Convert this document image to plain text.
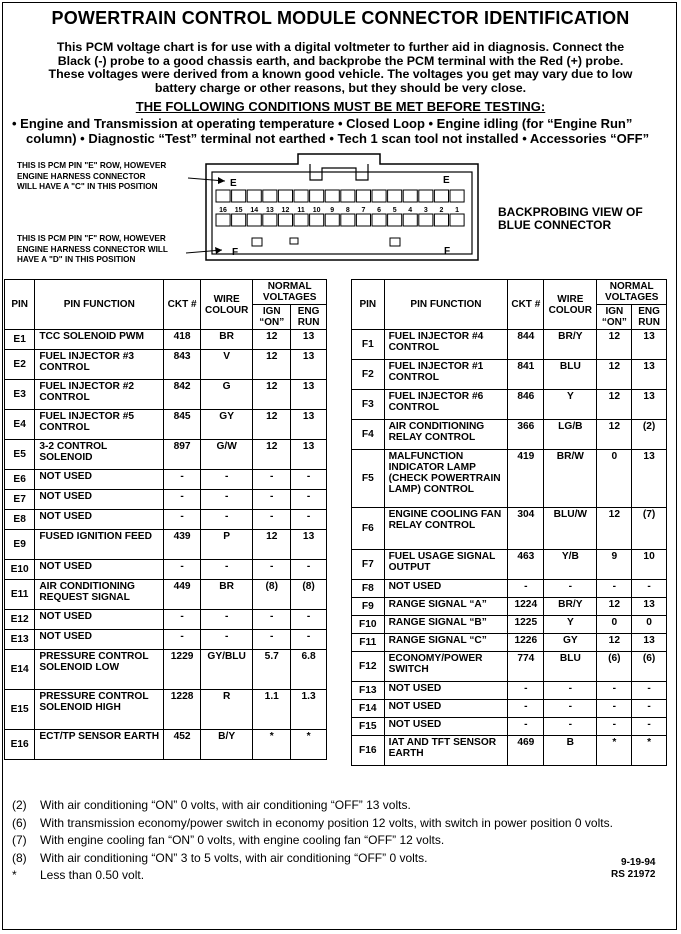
POWERTRAIN CONTROL MODULE CONNECTOR IDENTIFICATION
This PCM voltage chart is for use with a digital voltmeter to further aid in diagnosis. Connect the
Black (-) probe to a good chassis earth, and backprobe the PCM terminal with the Red (+) probe.
These voltages were derived from a known good vehicle. The voltages you get may vary due to low
battery charge or other reasons, but they should be very close.
THE FOLLOWING CONDITIONS MUST BE MET BEFORE TESTING:
• Engine and Transmission at operating temperature • Closed Loop • Engine idling (for “Engine Run”
column) • Diagnostic “Test” terminal not earthed • Tech 1 scan tool not installed • Accessories “OFF”
THIS IS PCM PIN "E" ROW, HOWEVER
ENGINE HARNESS CONNECTOR
WILL HAVE A "C" IN THIS POSITION
THIS IS PCM PIN "F" ROW, HOWEVER
ENGINE HARNESS CONNECTOR WILL
HAVE A "D" IN THIS POSITION
E	E
F	F
16 15 14 13 12 11 10 9 8 7 6 5 4 3 2 1	BACKPROBING VIEW OF
BLUE CONNECTOR
PIN	PIN FUNCTION	CKT #	WIRE COLOUR	NORMAL VOLTAGES	
				IGN “ON”	ENG RUN
E1	TCC SOLENOID PWM	418	BR	12	13
E2	FUEL INJECTOR #3 CONTROL	843	V	12	13
E3	FUEL INJECTOR #2 CONTROL	842	G	12	13
E4	FUEL INJECTOR #5 CONTROL	845	GY	12	13
E5	3-2 CONTROL SOLENOID	897	G/W	12	13
E6	NOT USED	-	-	-	-
E7	NOT USED	-	-	-	-
E8	NOT USED	-	-	-	-
E9	FUSED IGNITION FEED	439	P	12	13
E10	NOT USED	-	-	-	-
E11	AIR CONDITIONING REQUEST SIGNAL	449	BR	(8)	(8)
E12	NOT USED	-	-	-	-
E13	NOT USED	-	-	-	-
E14	PRESSURE CONTROL SOLENOID LOW	1229	GY/BLU	5.7	6.8
E15	PRESSURE CONTROL SOLENOID HIGH	1228	R	1.1	1.3
E16	ECT/TP SENSOR EARTH	452	B/Y	*	*
PIN	PIN FUNCTION	CKT #	WIRE COLOUR	NORMAL VOLTAGES	
				IGN “ON”	ENG RUN
F1	FUEL INJECTOR #4 CONTROL	844	BR/Y	12	13
F2	FUEL INJECTOR #1 CONTROL	841	BLU	12	13
F3	FUEL INJECTOR #6 CONTROL	846	Y	12	13
F4	AIR CONDITIONING RELAY CONTROL	366	LG/B	12	(2)
F5	MALFUNCTION INDICATOR LAMP (CHECK POWERTRAIN LAMP) CONTROL	419	BR/W	0	13
F6	ENGINE COOLING FAN RELAY CONTROL	304	BLU/W	12	(7)
F7	FUEL USAGE SIGNAL OUTPUT	463	Y/B	9	10
F8	NOT USED	-	-	-	-
F9	RANGE SIGNAL “A”	1224	BR/Y	12	13
F10	RANGE SIGNAL “B”	1225	Y	0	0
F11	RANGE SIGNAL “C”	1226	GY	12	13
F12	ECONOMY/POWER SWITCH	774	BLU	(6)	(6)
F13	NOT USED	-	-	-	-
F14	NOT USED	-	-	-	-
F15	NOT USED	-	-	-	-
F16	IAT AND TFT SENSOR EARTH	469	B	*	*
(2) With air conditioning “ON” 0 volts, with air conditioning “OFF” 13 volts.
(6) With transmission economy/power switch in economy position 12 volts, with switch in power position 0 volts.
(7) With engine cooling fan “ON” 0 volts, with engine cooling fan “OFF” 12 volts.
(8) With air conditioning “ON” 3 to 5 volts, with air conditioning “OFF” 0 volts.
* Less than 0.50 volt.
9-19-94
RS 21972
